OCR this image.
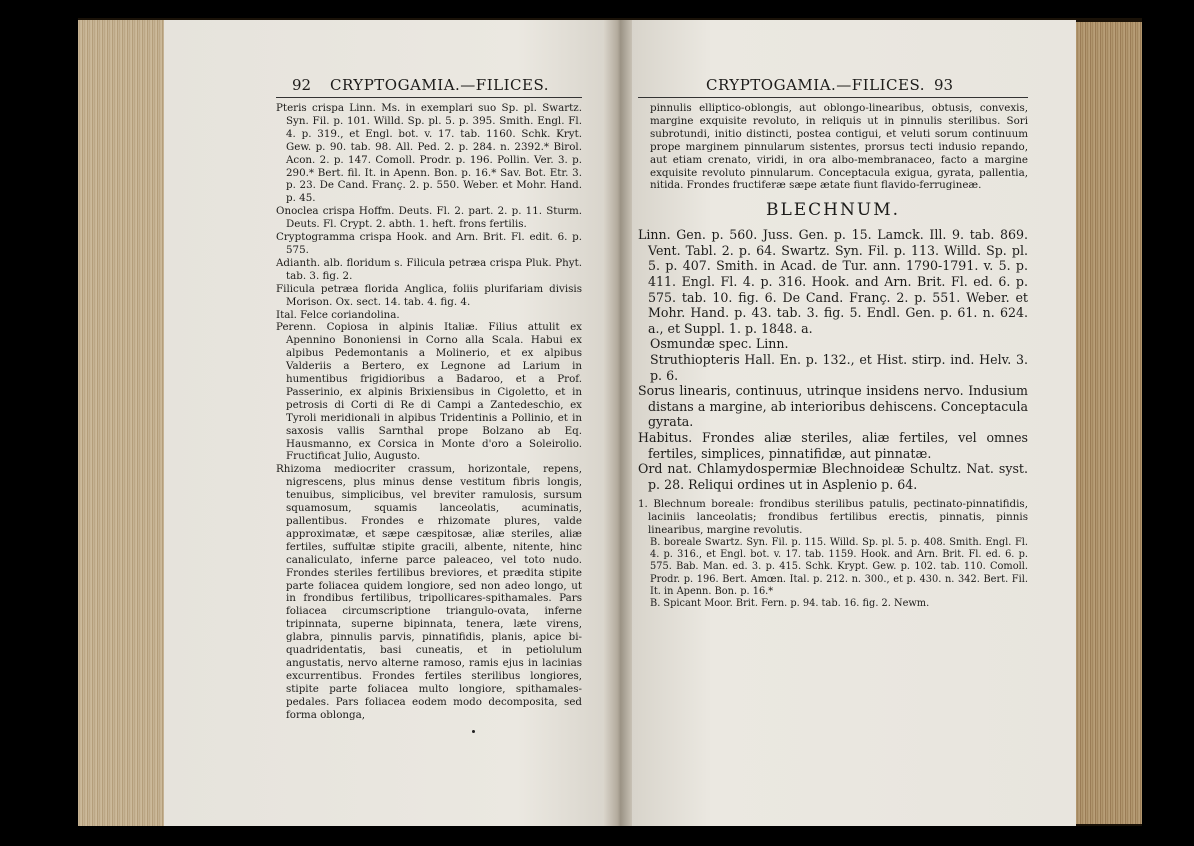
92 CRYPTOGAMIA.—FILICES.

Pteris crispa Linn. Ms. in exemplari suo Sp. pl. Swartz. Syn. Fil. p. 101. Willd. Sp. pl. 5. p. 395. Smith. Engl. Fl. 4. p. 319., et Engl. bot. v. 17. tab. 1160. Schk. Kryt. Gew. p. 90. tab. 98. All. Ped. 2. p. 284. n. 2392.* Birol. Acon. 2. p. 147. Comoll. Prodr. p. 196. Pollin. Ver. 3. p. 290.* Bert. fil. It. in Apenn. Bon. p. 16.* Sav. Bot. Etr. 3. p. 23. De Cand. Franç. 2. p. 550. Weber. et Mohr. Hand. p. 45.

Onoclea crispa Hoffm. Deuts. Fl. 2. part. 2. p. 11. Sturm. Deuts. Fl. Crypt. 2. abth. 1. heft. frons fertilis.

Cryptogramma crispa Hook. and Arn. Brit. Fl. edit. 6. p. 575.

Adianth. alb. floridum s. Filicula petræa crispa Pluk. Phyt. tab. 3. fig. 2.

Filicula petræa florida Anglica, foliis plurifariam divisis Morison. Ox. sect. 14. tab. 4. fig. 4.

Ital. Felce coriandolina.

Perenn. Copiosa in alpinis Italiæ. Filius attulit ex Apennino Bononiensi in Corno alla Scala. Habui ex alpibus Pedemontanis a Molinerio, et ex alpibus Valderiis a Bertero, ex Legnone ad Larium in humentibus frigidioribus a Badaroo, et a Prof. Passerinio, ex alpinis Brixiensibus in Cigoletto, et in petrosis di Corti di Re di Campi a Zantedeschio, ex Tyroli meridionali in alpibus Tridentinis a Pollinio, et in saxosis vallis Sarnthal prope Bolzano ab Eq. Hausmanno, ex Corsica in Monte d'oro a Soleirolio. Fructificat Julio, Augusto.

Rhizoma mediocriter crassum, horizontale, repens, nigrescens, plus minus dense vestitum fibris longis, tenuibus, simplicibus, vel breviter ramulosis, sursum squamosum, squamis lanceolatis, acuminatis, pallentibus. Frondes e rhizomate plures, valde approximatæ, et sæpe cæspitosæ, aliæ steriles, aliæ fertiles, suffultæ stipite gracili, albente, nitente, hinc canaliculato, inferne parce paleaceo, vel toto nudo. Frondes steriles fertilibus breviores, et prædita stipite parte foliacea quidem longiore, sed non adeo longo, ut in frondibus fertilibus, tripollicares-spithamales. Pars foliacea circumscriptione triangulo-ovata, inferne tripinnata, superne bipinnata, tenera, læte virens, glabra, pinnulis parvis, pinnatifidis, planis, apice bi-quadridentatis, basi cuneatis, et in petiolulum angustatis, nervo alterne ramoso, ramis ejus in lacinias excurrentibus. Frondes fertiles sterilibus longiores, stipite parte foliacea multo longiore, spithamales-pedales. Pars foliacea eodem modo decomposita, sed forma oblonga,

CRYPTOGAMIA.—FILICES. 93

pinnulis elliptico-oblongis, aut oblongo-linearibus, obtusis, convexis, margine exquisite revoluto, in reliquis ut in pinnulis sterilibus. Sori subrotundi, initio distincti, postea contigui, et veluti sorum continuum prope marginem pinnularum sistentes, prorsus tecti indusio repando, aut etiam crenato, viridi, in ora albo-membranaceo, facto a margine exquisite revoluto pinnularum. Conceptacula exigua, gyrata, pallentia, nitida. Frondes fructiferæ sæpe ætate fiunt flavido-ferrugineæ.

BLECHNUM.

Linn. Gen. p. 560. Juss. Gen. p. 15. Lamck. Ill. 9. tab. 869. Vent. Tabl. 2. p. 64. Swartz. Syn. Fil. p. 113. Willd. Sp. pl. 5. p. 407. Smith. in Acad. de Tur. ann. 1790-1791. v. 5. p. 411. Engl. Fl. 4. p. 316. Hook. and Arn. Brit. Fl. ed. 6. p. 575. tab. 10. fig. 6. De Cand. Franç. 2. p. 551. Weber. et Mohr. Hand. p. 43. tab. 3. fig. 5. Endl. Gen. p. 61. n. 624. a., et Suppl. 1. p. 1848. a.

Osmundæ spec. Linn.

Struthiopteris Hall. En. p. 132., et Hist. stirp. ind. Helv. 3. p. 6.

Sorus linearis, continuus, utrinque insidens nervo. Indusium distans a margine, ab interioribus dehiscens. Conceptacula gyrata.

Habitus. Frondes aliæ steriles, aliæ fertiles, vel omnes fertiles, simplices, pinnatifidæ, aut pinnatæ.

Ord nat. Chlamydospermiæ Blechnoideæ Schultz. Nat. syst. p. 28. Reliqui ordines ut in Asplenio p. 64.

1. Blechnum boreale: frondibus sterilibus patulis, pectinato-pinnatifidis, laciniis lanceolatis; frondibus fertilibus erectis, pinnatis, pinnis linearibus, margine revolutis.

B. boreale Swartz. Syn. Fil. p. 115. Willd. Sp. pl. 5. p. 408. Smith. Engl. Fl. 4. p. 316., et Engl. bot. v. 17. tab. 1159. Hook. and Arn. Brit. Fl. ed. 6. p. 575. Bab. Man. ed. 3. p. 415. Schk. Krypt. Gew. p. 102. tab. 110. Comoll. Prodr. p. 196. Bert. Amœn. Ital. p. 212. n. 300., et p. 430. n. 342. Bert. Fil. It. in Apenn. Bon. p. 16.*

B. Spicant Moor. Brit. Fern. p. 94. tab. 16. fig. 2. Newm.
